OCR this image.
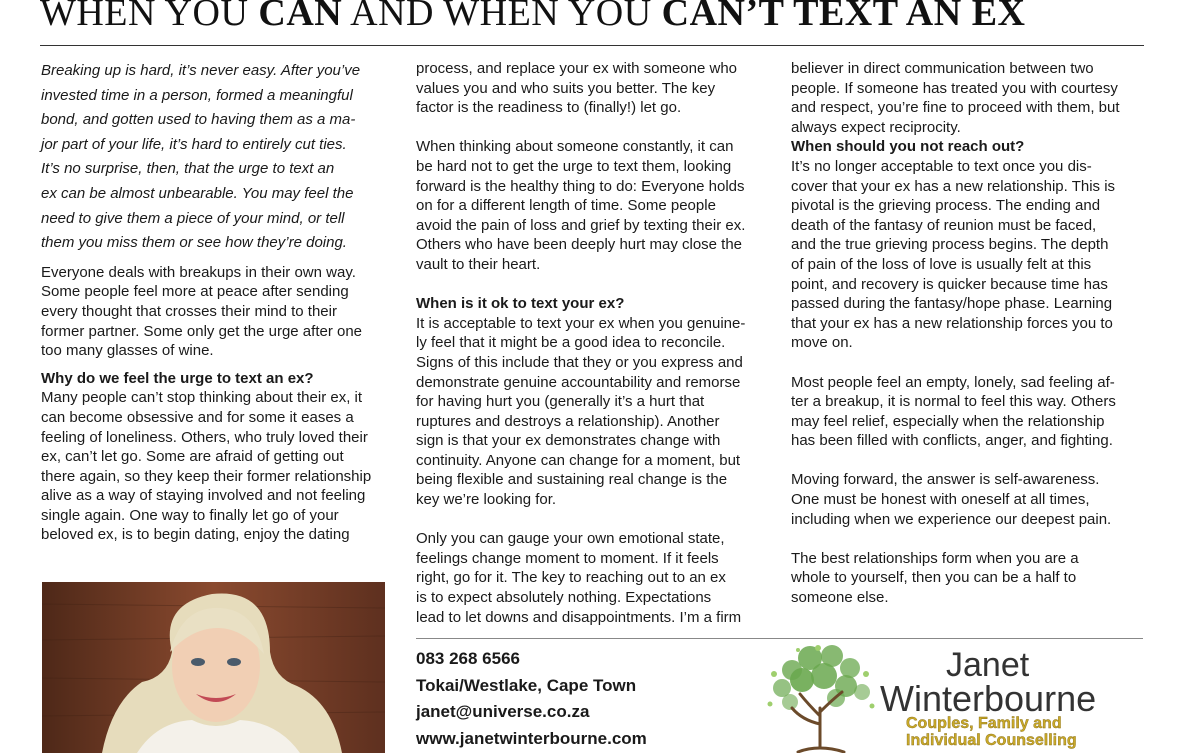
WHEN YOU CAN AND WHEN YOU CAN’T TEXT AN EX

Breaking up is hard, it’s never easy. After you’ve
invested time in a person, formed a meaningful
bond, and gotten used to having them as a ma-
jor part of your life, it’s hard to entirely cut ties.
It’s no surprise, then, that the urge to text an
ex can be almost unbearable. You may feel the
need to give them a piece of your mind, or tell
them you miss them or see how they’re doing.

Everyone deals with breakups in their own way.
Some people feel more at peace after sending
every thought that crosses their mind to their
former partner. Some only get the urge after one
too many glasses of wine.

Why do we feel the urge to text an ex?

Many people can’t stop thinking about their ex, it
can become obsessive and for some it eases a
feeling of loneliness. Others, who truly loved their
ex, can’t let go. Some are afraid of getting out
there again, so they keep their former relationship
alive as a way of staying involved and not feeling
single again. One way to finally let go of your
beloved ex, is to begin dating, enjoy the dating

process, and replace your ex with someone who
values you and who suits you better. The key
factor is the readiness to (finally!) let go.

When thinking about someone constantly, it can
be hard not to get the urge to text them, looking
forward is the healthy thing to do: Everyone holds
on for a different length of time. Some people
avoid the pain of loss and grief by texting their ex.
Others who have been deeply hurt may close the
vault to their heart.

When is it ok to text your ex?

It is acceptable to text your ex when you genuine-
ly feel that it might be a good idea to reconcile.
Signs of this include that they or you express and
demonstrate genuine accountability and remorse
for having hurt you (generally it’s a hurt that
ruptures and destroys a relationship). Another
sign is that your ex demonstrates change with
continuity. Anyone can change for a moment, but
being flexible and sustaining real change is the
key we’re looking for.

Only you can gauge your own emotional state,
feelings change moment to moment. If it feels
right, go for it. The key to reaching out to an ex
is to expect absolutely nothing. Expectations
lead to let downs and disappointments. I’m a firm

believer in direct communication between two
people. If someone has treated you with courtesy
and respect, you’re fine to proceed with them, but
always expect reciprocity.

When should you not reach out?

It’s no longer acceptable to text once you dis-
cover that your ex has a new relationship. This is
pivotal is the grieving process. The ending and
death of the fantasy of reunion must be faced,
and the true grieving process begins. The depth
of pain of the loss of love is usually felt at this
point, and recovery is quicker because time has
passed during the fantasy/hope phase. Learning
that your ex has a new relationship forces you to
move on.

Most people feel an empty, lonely, sad feeling af-
ter a breakup, it is normal to feel this way. Others
may feel relief, especially when the relationship
has been filled with conflicts, anger, and fighting.

Moving forward, the answer is self-awareness.
One must be honest with oneself at all times,
including when we experience our deepest pain.

The best relationships form when you are a
whole to yourself, then you can be a half to
someone else.

083 268 6566
Tokai/Westlake, Cape Town
janet@universe.co.za
www.janetwinterbourne.com
Janet
Winterbourne
Couples, Family and
Individual Counselling
